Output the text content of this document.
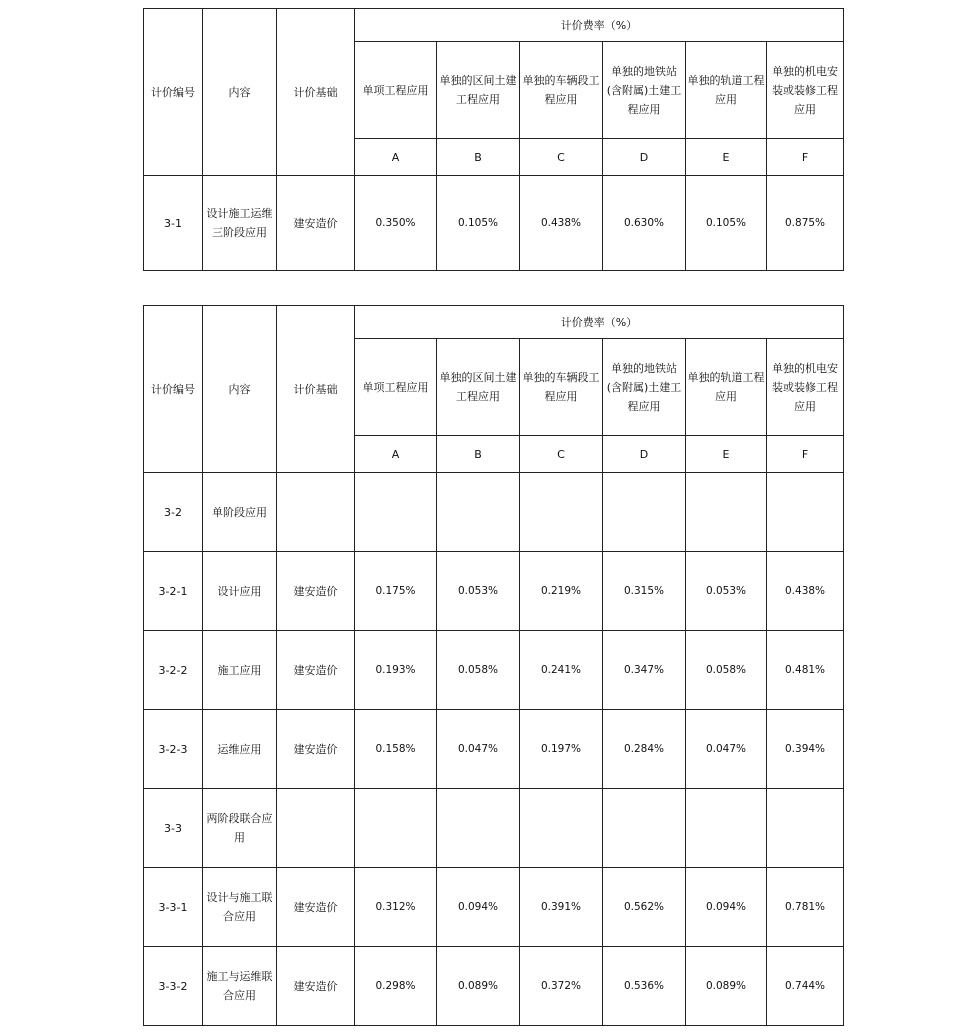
计价编号	内容	计价基础	计价费率（%）					
			单项工程应用	单独的区间土建工程应用	单独的车辆段工程应用	单独的地铁站(含附属)土建工程应用	单独的轨道工程应用	单独的机电安装或装修工程应用
			A	B	C	D	E	F
3-1	设计施工运维三阶段应用	建安造价	0.350%	0.105%	0.438%	0.630%	0.105%	0.875%
计价编号	内容	计价基础	计价费率（%）					
			单项工程应用	单独的区间土建工程应用	单独的车辆段工程应用	单独的地铁站(含附属)土建工程应用	单独的轨道工程应用	单独的机电安装或装修工程应用
			A	B	C	D	E	F
3-2	单阶段应用							
3-2-1	设计应用	建安造价	0.175%	0.053%	0.219%	0.315%	0.053%	0.438%
3-2-2	施工应用	建安造价	0.193%	0.058%	0.241%	0.347%	0.058%	0.481%
3-2-3	运维应用	建安造价	0.158%	0.047%	0.197%	0.284%	0.047%	0.394%
3-3	两阶段联合应用							
3-3-1	设计与施工联合应用	建安造价	0.312%	0.094%	0.391%	0.562%	0.094%	0.781%
3-3-2	施工与运维联合应用	建安造价	0.298%	0.089%	0.372%	0.536%	0.089%	0.744%
